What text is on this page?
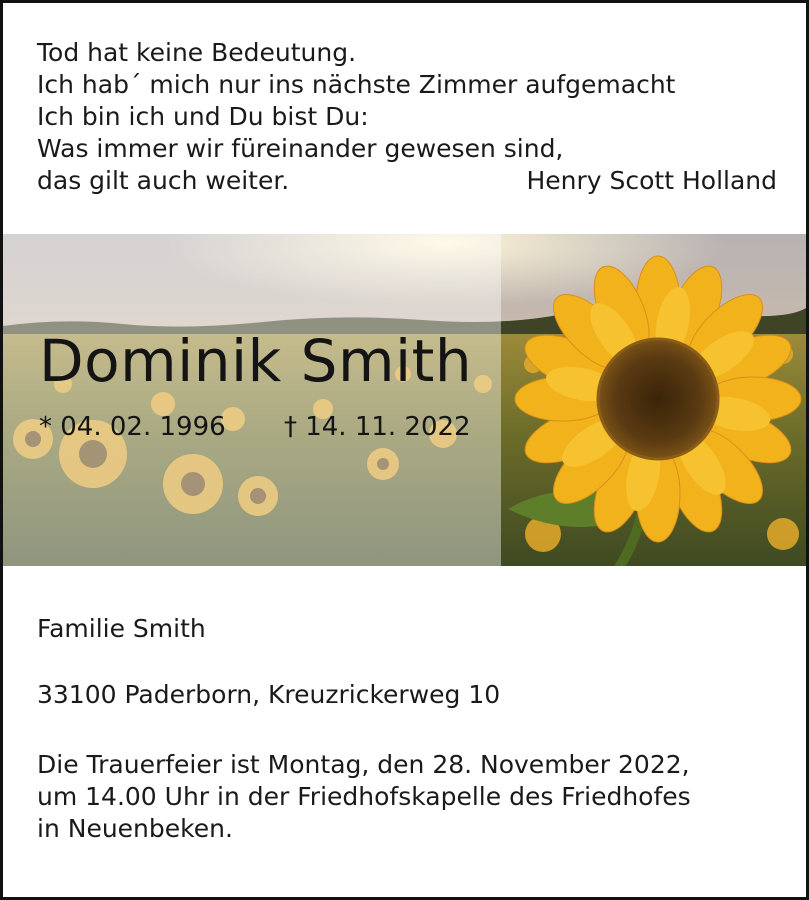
Tod hat keine Bedeutung.
Ich hab´ mich nur ins nächste Zimmer aufgemacht
Ich bin ich und Du bist Du:
Was immer wir füreinander gewesen sind,
das gilt auch weiter.	Henry Scott Holland
Dominik Smith
* 04. 02. 1996 † 14. 11. 2022

Familie Smith

33100 Paderborn, Kreuzrickerweg 10

Die Trauerfeier ist Montag, den 28. November 2022,
um 14.00 Uhr in der Friedhofskapelle des Friedhofes
in Neuenbeken.
